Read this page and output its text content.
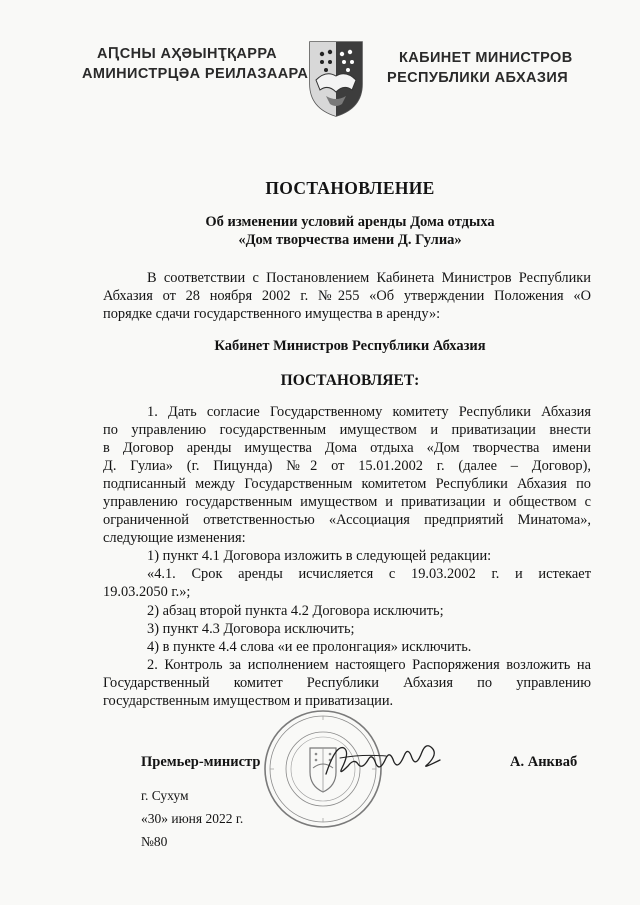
АԤСНЫ АҲӘЫНҬҚАРРА
АМИНИСТРЦӘА РЕИЛАЗААРА
КАБИНЕТ МИНИСТРОВ
РЕСПУБЛИКИ АБХАЗИЯ
ПОСТАНОВЛЕНИЕ
Об изменении условий аренды Дома отдыха
«Дом творчества имени Д. Гулиа»

В соответствии с Постановлением Кабинета Министров Республики

Абхазия от 28 ноября 2002 г. №255 «Об утверждении Положения «О

порядке сдачи государственного имущества в аренду»:

Кабинет Министров Республики Абхазия
ПОСТАНОВЛЯЕТ:

1. Дать согласие Государственному комитету Республики Абхазия

по управлению государственным имуществом и приватизации внести

в Договор аренды имущества Дома отдыха «Дом творчества имени

Д. Гулиа» (г. Пицунда) №2 от 15.01.2002 г. (далее – Договор),

подписанный между Государственным комитетом Республики Абхазия по

управлению государственным имуществом и приватизации и обществом с

ограниченной ответственностью «Ассоциация предприятий Минатома»,

следующие изменения:

1) пункт 4.1 Договора изложить в следующей редакции:

«4.1. Срок аренды исчисляется с 19.03.2002 г. и истекает

19.03.2050 г.»;

2) абзац второй пункта 4.2 Договора исключить;

3) пункт 4.3 Договора исключить;

4) в пункте 4.4 слова «и ее пролонгация» исключить.

2. Контроль за исполнением настоящего Распоряжения возложить на

Государственный комитет Республики Абхазия по управлению

государственным имуществом и приватизации.

Премьер-министр	А. Анкваб
г. Сухум
«30» июня 2022 г.
№80
